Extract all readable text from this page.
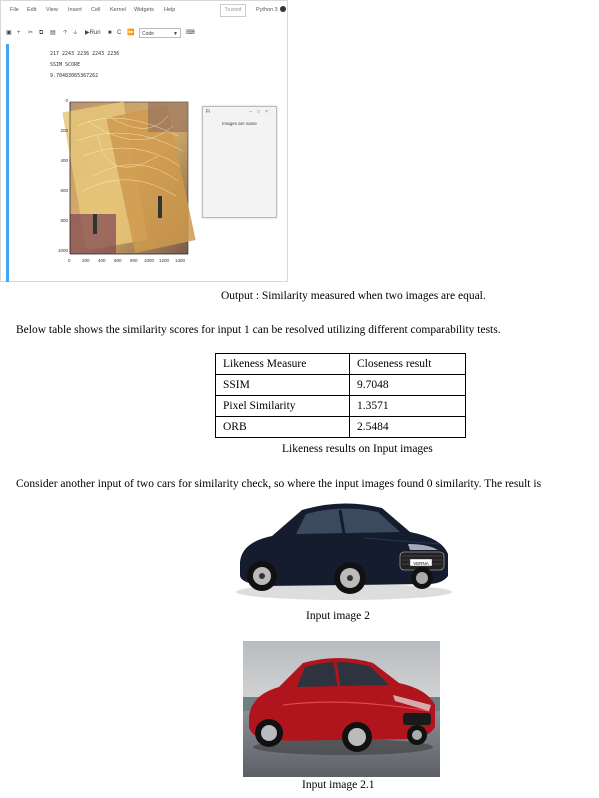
File Edit View Insert Cell Kernel Widgets Help	Trusted	Python 3
▣ + ✂ ⧉ ▤ 🡡 🡣 ▶Run ■ C ⏩	Code	▼ ⌨
217 2243 2236 2243 2236
SSIM SCORE
9.70483065367262
0
200
400
600
800
1000
0	200 400 600 800 1000 1200 1400
Fi	–□×
Images are same
Output : Similarity measured when two images are equal.
Below table shows the similarity scores for input 1 can be resolved utilizing different comparability tests.
Likeness Measure	Closeness result
SSIM	9.7048
Pixel Similarity	1.3571
ORB	2.5484
Likeness results on Input images
Consider another input of two cars for similarity check, so where the input images found 0 similarity. The result is
VERNA
Input image 2
Input image 2.1
